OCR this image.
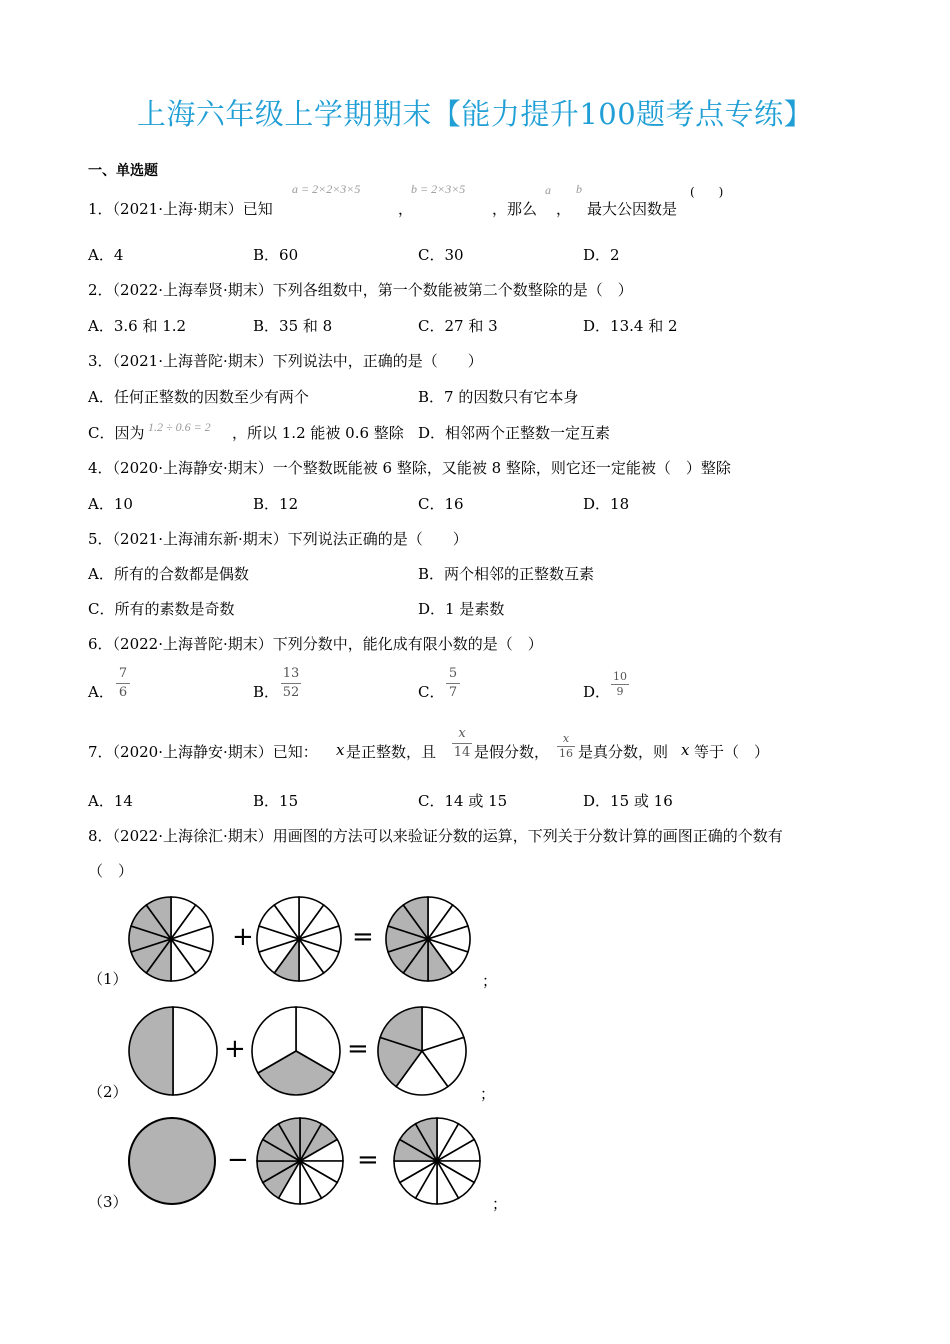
上海六年级上学期期末【能力提升100题考点专练】
一、单选题
1．（2021·上海·期末）已知
a = 2×2×3×5
，
b = 2×3×5
，那么
a
，
b
最大公因数是
(　　)
A．4	B．60	C．30	D．2
2．（2022·上海奉贤·期末）下列各组数中，第一个数能被第二个数整除的是（　）
A．3.6 和 1.2	B．35 和 8	C．27 和 3	D．13.4 和 2
3．（2021·上海普陀·期末）下列说法中，正确的是（　　）
A．任何正整数的因数至少有两个	B．7 的因数只有它本身
C．因为 1.2 ÷ 0.6 = 2 ，所以 1.2 能被 0.6 整除 D．相邻两个正整数一定互素
4．（2020·上海静安·期末）一个整数既能被 6 整除，又能被 8 整除，则它还一定能被（　）整除
A．10	B．12	C．16	D．18
5．（2021·上海浦东新·期末）下列说法正确的是（　　）
A．所有的合数都是偶数	B．两个相邻的正整数互素
C．所有的素数是奇数	D．1 是素数
6．（2022·上海普陀·期末）下列分数中，能化成有限小数的是（　）
A．
7
6	B．
13
52	C．
5
7	D．
10
9
7．（2020·上海静安·期末）已知： x 是正整数，且
x
14 是假分数，
x
16 是真分数，则 x 等于（　）
A．14	B．15	C．14 或 15	D．15 或 16
8．（2022·上海徐汇·期末）用画图的方法可以来验证分数的运算，下列关于分数计算的画图正确的个数有
（　）
（1）
+	=
；
（2）
+	=
；
（3）
−	=
；
